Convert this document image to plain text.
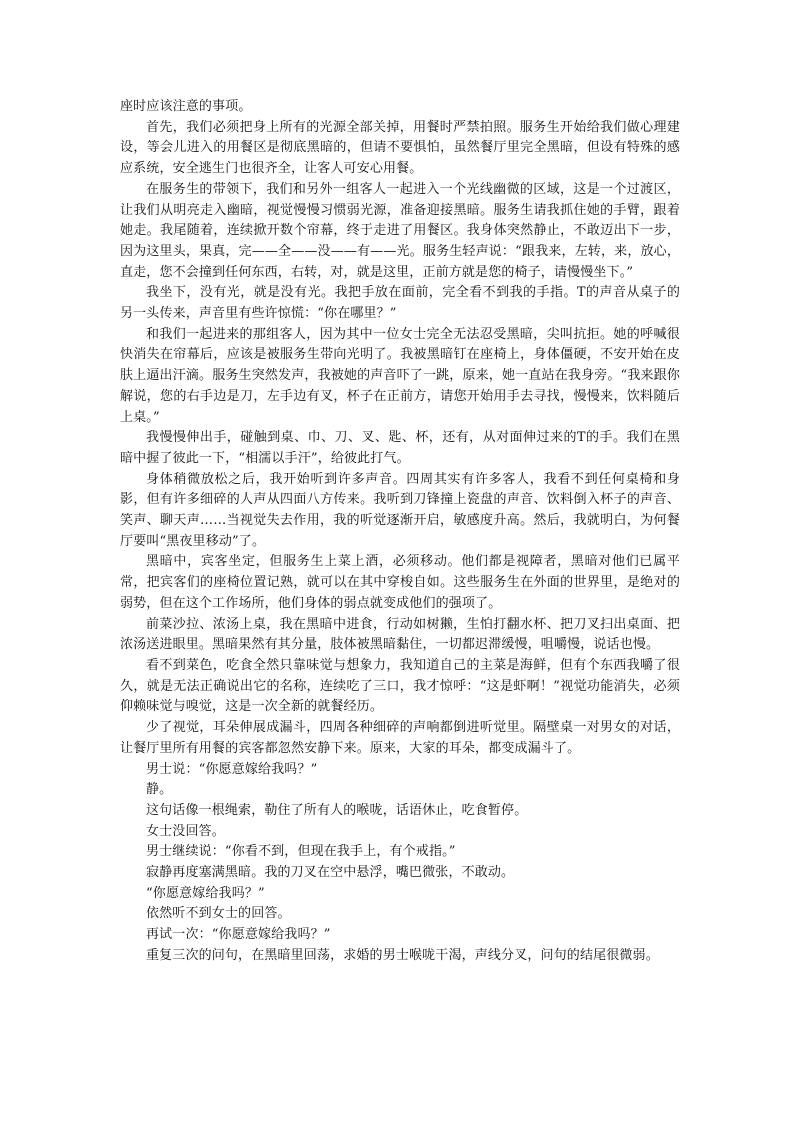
座时应该注意的事项。

首先，我们必须把身上所有的光源全部关掉，用餐时严禁拍照。服务生开始给我们做心理建设，等会儿进入的用餐区是彻底黑暗的，但请不要惧怕，虽然餐厅里完全黑暗，但设有特殊的感应系统，安全逃生门也很齐全，让客人可安心用餐。

在服务生的带领下，我们和另外一组客人一起进入一个光线幽微的区域，这是一个过渡区，让我们从明亮走入幽暗，视觉慢慢习惯弱光源，准备迎接黑暗。服务生请我抓住她的手臂，跟着她走。我尾随着，连续掀开数个帘幕，终于走进了用餐区。我身体突然静止，不敢迈出下一步，因为这里头，果真，完——全——没——有——光。服务生轻声说：“跟我来，左转，来，放心，直走，您不会撞到任何东西，右转，对，就是这里，正前方就是您的椅子，请慢慢坐下。”

我坐下，没有光，就是没有光。我把手放在面前，完全看不到我的手指。T的声音从桌子的另一头传来，声音里有些许惊慌：“你在哪里？”

和我们一起进来的那组客人，因为其中一位女士完全无法忍受黑暗，尖叫抗拒。她的呼喊很快消失在帘幕后，应该是被服务生带向光明了。我被黑暗钉在座椅上，身体僵硬，不安开始在皮肤上逼出汗滴。服务生突然发声，我被她的声音吓了一跳，原来，她一直站在我身旁。“我来跟你解说，您的右手边是刀，左手边有叉，杯子在正前方，请您开始用手去寻找，慢慢来，饮料随后上桌。”

我慢慢伸出手，碰触到桌、巾、刀、叉、匙、杯，还有，从对面伸过来的T的手。我们在黑暗中握了彼此一下，“相濡以手汗”，给彼此打气。

身体稍微放松之后，我开始听到许多声音。四周其实有许多客人，我看不到任何桌椅和身影，但有许多细碎的人声从四面八方传来。我听到刀锋撞上瓷盘的声音、饮料倒入杯子的声音、笑声、聊天声……当视觉失去作用，我的听觉逐渐开启，敏感度升高。然后，我就明白，为何餐厅要叫“黑夜里移动”了。

黑暗中，宾客坐定，但服务生上菜上酒，必须移动。他们都是视障者，黑暗对他们已属平常，把宾客们的座椅位置记熟，就可以在其中穿梭自如。这些服务生在外面的世界里，是绝对的弱势，但在这个工作场所，他们身体的弱点就变成他们的强项了。

前菜沙拉、浓汤上桌，我在黑暗中进食，行动如树獭，生怕打翻水杯、把刀叉扫出桌面、把浓汤送进眼里。黑暗果然有其分量，肢体被黑暗黏住，一切都迟滞缓慢，咀嚼慢，说话也慢。

看不到菜色，吃食全然只靠味觉与想象力，我知道自己的主菜是海鲜，但有个东西我嚼了很久，就是无法正确说出它的名称，连续吃了三口，我才惊呼：“这是虾啊！”视觉功能消失，必须仰赖味觉与嗅觉，这是一次全新的就餐经历。

少了视觉，耳朵伸展成漏斗，四周各种细碎的声响都倒进听觉里。隔壁桌一对男女的对话，让餐厅里所有用餐的宾客都忽然安静下来。原来，大家的耳朵，都变成漏斗了。

男士说：“你愿意嫁给我吗？”

静。

这句话像一根绳索，勒住了所有人的喉咙，话语休止，吃食暂停。

女士没回答。

男士继续说：“你看不到，但现在我手上，有个戒指。”

寂静再度塞满黑暗。我的刀叉在空中悬浮，嘴巴微张，不敢动。

“你愿意嫁给我吗？”

依然听不到女士的回答。

再试一次：“你愿意嫁给我吗？”

重复三次的问句，在黑暗里回荡，求婚的男士喉咙干渴，声线分叉，问句的结尾很微弱。
